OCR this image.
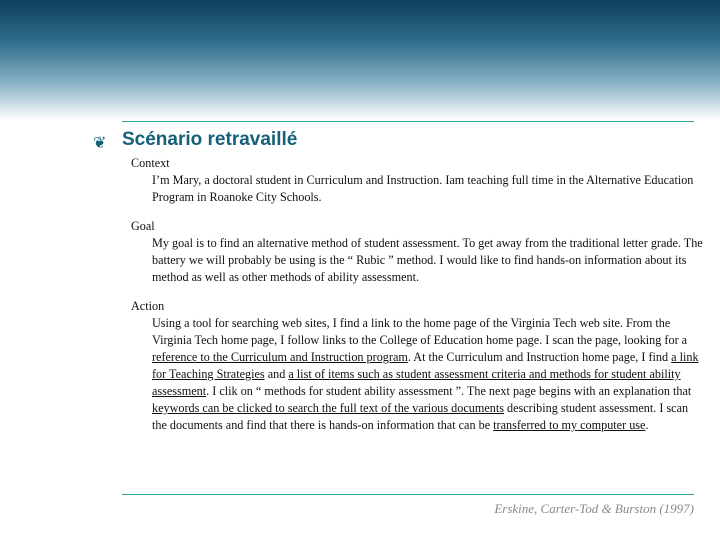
❦ Scénario retravaillé
Context
I’m Mary, a doctoral student in Curriculum and Instruction. Iam teaching full time in the Alternative Education Program in Roanoke City Schools.
Goal
My goal is to find an alternative method of student assessment. To get away from the traditional letter grade. The battery we will probably be using is the “ Rubic ” method. I would like to find hands-on information about its method as well as other methods of ability assessment.
Action
Using a tool for searching web sites, I find a link to the home page of the Virginia Tech web site. From the Virginia Tech home page, I follow links to the College of Education home page. I scan the page, looking for a reference to the Curriculum and Instruction program. At the Curriculum and Instruction home page, I find a link for Teaching Strategies and a list of items such as student assessment criteria and methods for student ability assessment. I clik on “ methods for student ability assessment ”. The next page begins with an explanation that keywords can be clicked to search the full text of the various documents describing student assessment. I scan the documents and find that there is hands-on information that can be transferred to my computer use.
Erskine, Carter-Tod & Burston (1997)
